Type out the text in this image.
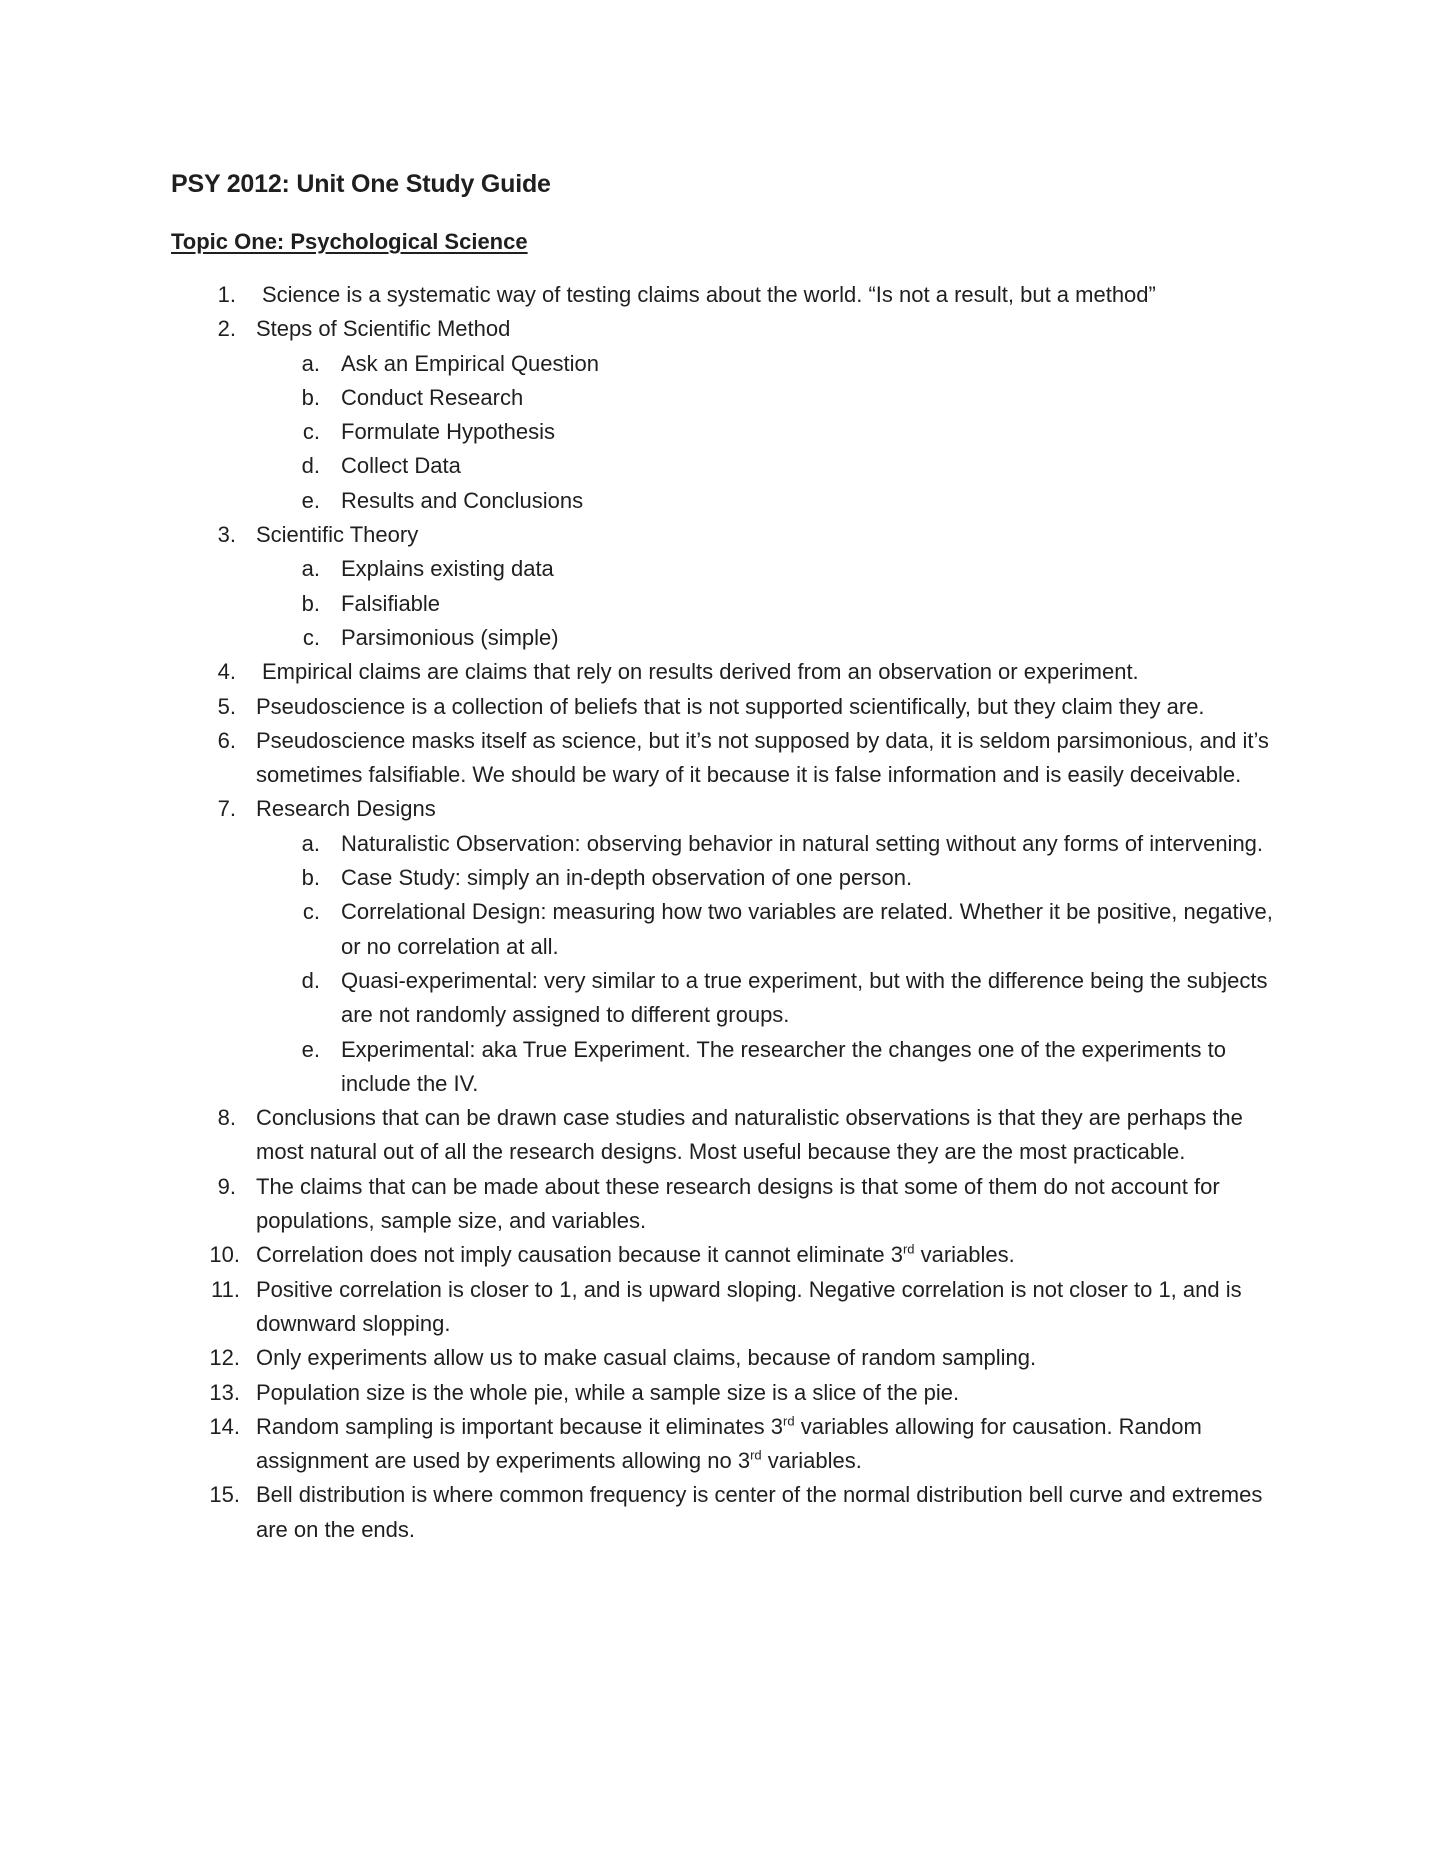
PSY 2012: Unit One Study Guide
Topic One: Psychological Science
1. Science is a systematic way of testing claims about the world. “Is not a result, but a method”
2. Steps of Scientific Method
a. Ask an Empirical Question
b. Conduct Research
c. Formulate Hypothesis
d. Collect Data
e. Results and Conclusions
3. Scientific Theory
a. Explains existing data
b. Falsifiable
c. Parsimonious (simple)
4. Empirical claims are claims that rely on results derived from an observation or experiment.
5. Pseudoscience is a collection of beliefs that is not supported scientifically, but they claim they are.
6. Pseudoscience masks itself as science, but it’s not supposed by data, it is seldom parsimonious, and it’s sometimes falsifiable. We should be wary of it because it is false information and is easily deceivable.
7. Research Designs
a. Naturalistic Observation: observing behavior in natural setting without any forms of intervening.
b. Case Study: simply an in-depth observation of one person.
c. Correlational Design: measuring how two variables are related. Whether it be positive, negative, or no correlation at all.
d. Quasi-experimental: very similar to a true experiment, but with the difference being the subjects are not randomly assigned to different groups.
e. Experimental: aka True Experiment. The researcher the changes one of the experiments to include the IV.
8. Conclusions that can be drawn case studies and naturalistic observations is that they are perhaps the most natural out of all the research designs. Most useful because they are the most practicable.
9. The claims that can be made about these research designs is that some of them do not account for populations, sample size, and variables.
10. Correlation does not imply causation because it cannot eliminate 3rd variables.
11. Positive correlation is closer to 1, and is upward sloping. Negative correlation is not closer to 1, and is downward slopping.
12. Only experiments allow us to make casual claims, because of random sampling.
13. Population size is the whole pie, while a sample size is a slice of the pie.
14. Random sampling is important because it eliminates 3rd variables allowing for causation. Random assignment are used by experiments allowing no 3rd variables.
15. Bell distribution is where common frequency is center of the normal distribution bell curve and extremes are on the ends.
